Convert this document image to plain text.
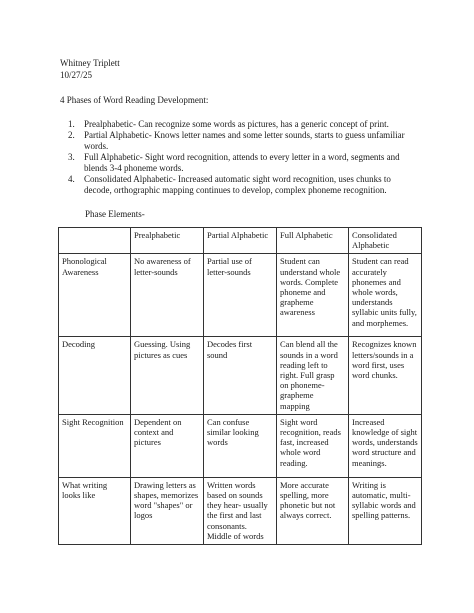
Whitney Triplett
10/27/25
4 Phases of Word Reading Development:
1. Prealphabetic- Can recognize some words as pictures, has a generic concept of print.
2. Partial Alphabetic- Knows letter names and some letter sounds, starts to guess unfamiliar words.
3. Full Alphabetic- Sight word recognition, attends to every letter in a word, segments and blends 3-4 phoneme words.
4. Consolidated Alphabetic- Increased automatic sight word recognition, uses chunks to decode, orthographic mapping continues to develop, complex phoneme recognition.
Phase Elements-
	Prealphabetic	Partial Alphabetic	Full Alphabetic	Consolidated Alphabetic
Phonological Awareness	No awareness of letter-sounds	Partial use of letter-sounds	Student can understand whole words. Complete phoneme and grapheme awareness	Student can read accurately phonemes and whole words, understands syllabic units fully, and morphemes.
Decoding	Guessing. Using pictures as cues	Decodes first sound	Can blend all the sounds in a word reading left to right. Full grasp on phoneme-grapheme mapping	Recognizes known letters/sounds in a word first, uses word chunks.
Sight Recognition	Dependent on context and pictures	Can confuse similar looking words	Sight word recognition, reads fast, increased whole word reading.	Increased knowledge of sight words, understands word structure and meanings.
What writing looks like	Drawing letters as shapes, memorizes word "shapes" or logos	Written words based on sounds they hear- usually the first and last consonants. Middle of words	More accurate spelling, more phonetic but not always correct.	Writing is automatic, multi-syllabic words and spelling patterns.
